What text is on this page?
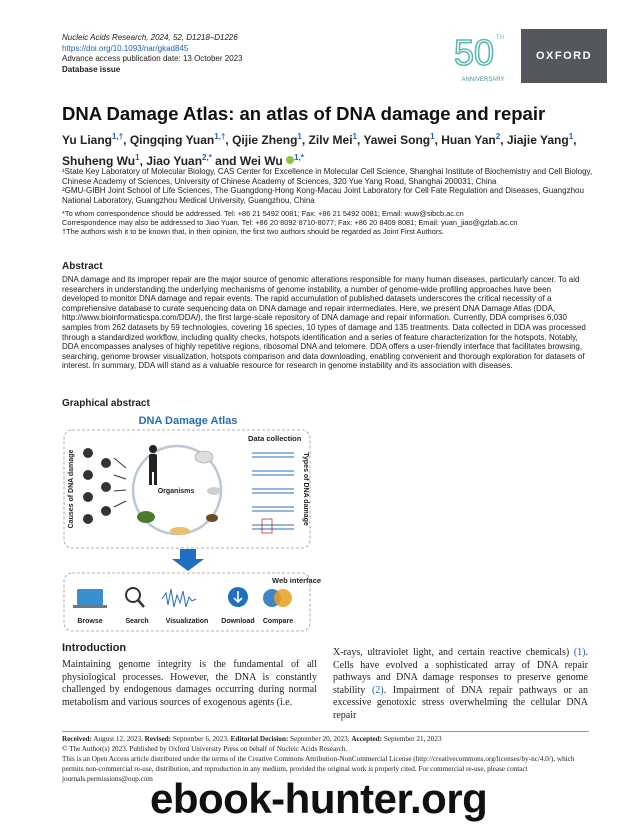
Nucleic Acids Research, 2024, 52, D1218–D1226
https://doi.org/10.1093/nar/gkad845
Advance access publication date: 13 October 2023
Database issue	50 TH
ANNIVERSARY
OXFORD
DNA Damage Atlas: an atlas of DNA damage and repair
Yu Liang$^{1,\dagger}$, Qingqing Yuan$^{1,\dagger}$, Qijie Zheng$^1$, Zilv Mei$^1$, Yawei Song$^1$, Huan Yan$^2$, Jiajie Yang$^1$, Shuheng Wu$^1$, Jiao Yuan$^{2,*}$ and Wei Wu $^{1,*}$
¹State Key Laboratory of Molecular Biology, CAS Center for Excellence in Molecular Cell Science, Shanghai Institute of Biochemistry and Cell Biology, Chinese Academy of Sciences, University of Chinese Academy of Sciences, 320 Yue Yang Road, Shanghai 200031, China
²GMU-GIBH Joint School of Life Sciences, The Guangdong-Hong Kong-Macau Joint Laboratory for Cell Fate Regulation and Diseases, Guangzhou National Laboratory, Guangzhou Medical University, Guangzhou, China
*To whom correspondence should be addressed. Tel: +86 21 5492 0081; Fax: +86 21 5492 0081; Email: wuw@sibcb.ac.cn
Correspondence may also be addressed to Jiao Yuan. Tel: +86 20 8092 8710-8077; Fax: +86 20 8409 8081; Email: yuan_jiao@gzlab.ac.cn
†The authors wish it to be known that, in their opinion, the first two authors should be regarded as Joint First Authors.
Abstract
DNA damage and its improper repair are the major source of genomic alterations responsible for many human diseases, particularly cancer. To aid researchers in understanding the underlying mechanisms of genome instability, a number of genome-wide profiling approaches have been developed to monitor DNA damage and repair events. The rapid accumulation of published datasets underscores the critical necessity of a comprehensive database to curate sequencing data on DNA damage and repair intermediates. Here, we present DNA Damage Atlas (DDA, http://www.bioinformaticspa.com/DDA/), the first large-scale repository of DNA damage and repair information. Currently, DDA comprises 6,030 samples from 262 datasets by 59 technologies, covering 16 species, 10 types of damage and 135 treatments. Data collected in DDA was processed through a standardized workflow, including quality checks, hotspots identification and a series of feature characterization for the hotspots. Notably, DDA encompasses analyses of highly repetitive regions, ribosomal DNA and telomere. DDA offers a user-friendly interface that facilitates browsing, searching, genome browser visualization, hotspots comparison and data downloading, enabling convenient and thorough exploration for datasets of interest. In summary, DDA will stand as a valuable resource for research in genome instability and its association with diseases.
Graphical abstract
DNA Damage Atlas
Causes of DNA damage	Organisms
Data collection
Types of DNA damage
Web interface
Browse	Search Visualization Download Compare
Introduction
Maintaining genome integrity is the fundamental of all physiological processes. However, the DNA is constantly challenged by endogenous damages occurring during normal metabolism and various sources of exogenous agents (i.e.
X-rays, ultraviolet light, and certain reactive chemicals) (1). Cells have evolved a sophisticated array of DNA repair pathways and DNA damage responses to preserve genome stability (2). Impairment of DNA repair pathways or an excessive genotoxic stress overwhelming the cellular DNA repair
Received: August 12, 2023. Revised: September 6, 2023. Editorial Decision: September 20, 2023. Accepted: September 21, 2023
© The Author(s) 2023. Published by Oxford University Press on behalf of Nucleic Acids Research.
This is an Open Access article distributed under the terms of the Creative Commons Attribution-NonCommercial License (http://creativecommons.org/licenses/by-nc/4.0/), which permits non-commercial re-use, distribution, and reproduction in any medium, provided the original work is properly cited. For commercial re-use, please contact journals.permissions@oup.com
ebook-hunter.org
